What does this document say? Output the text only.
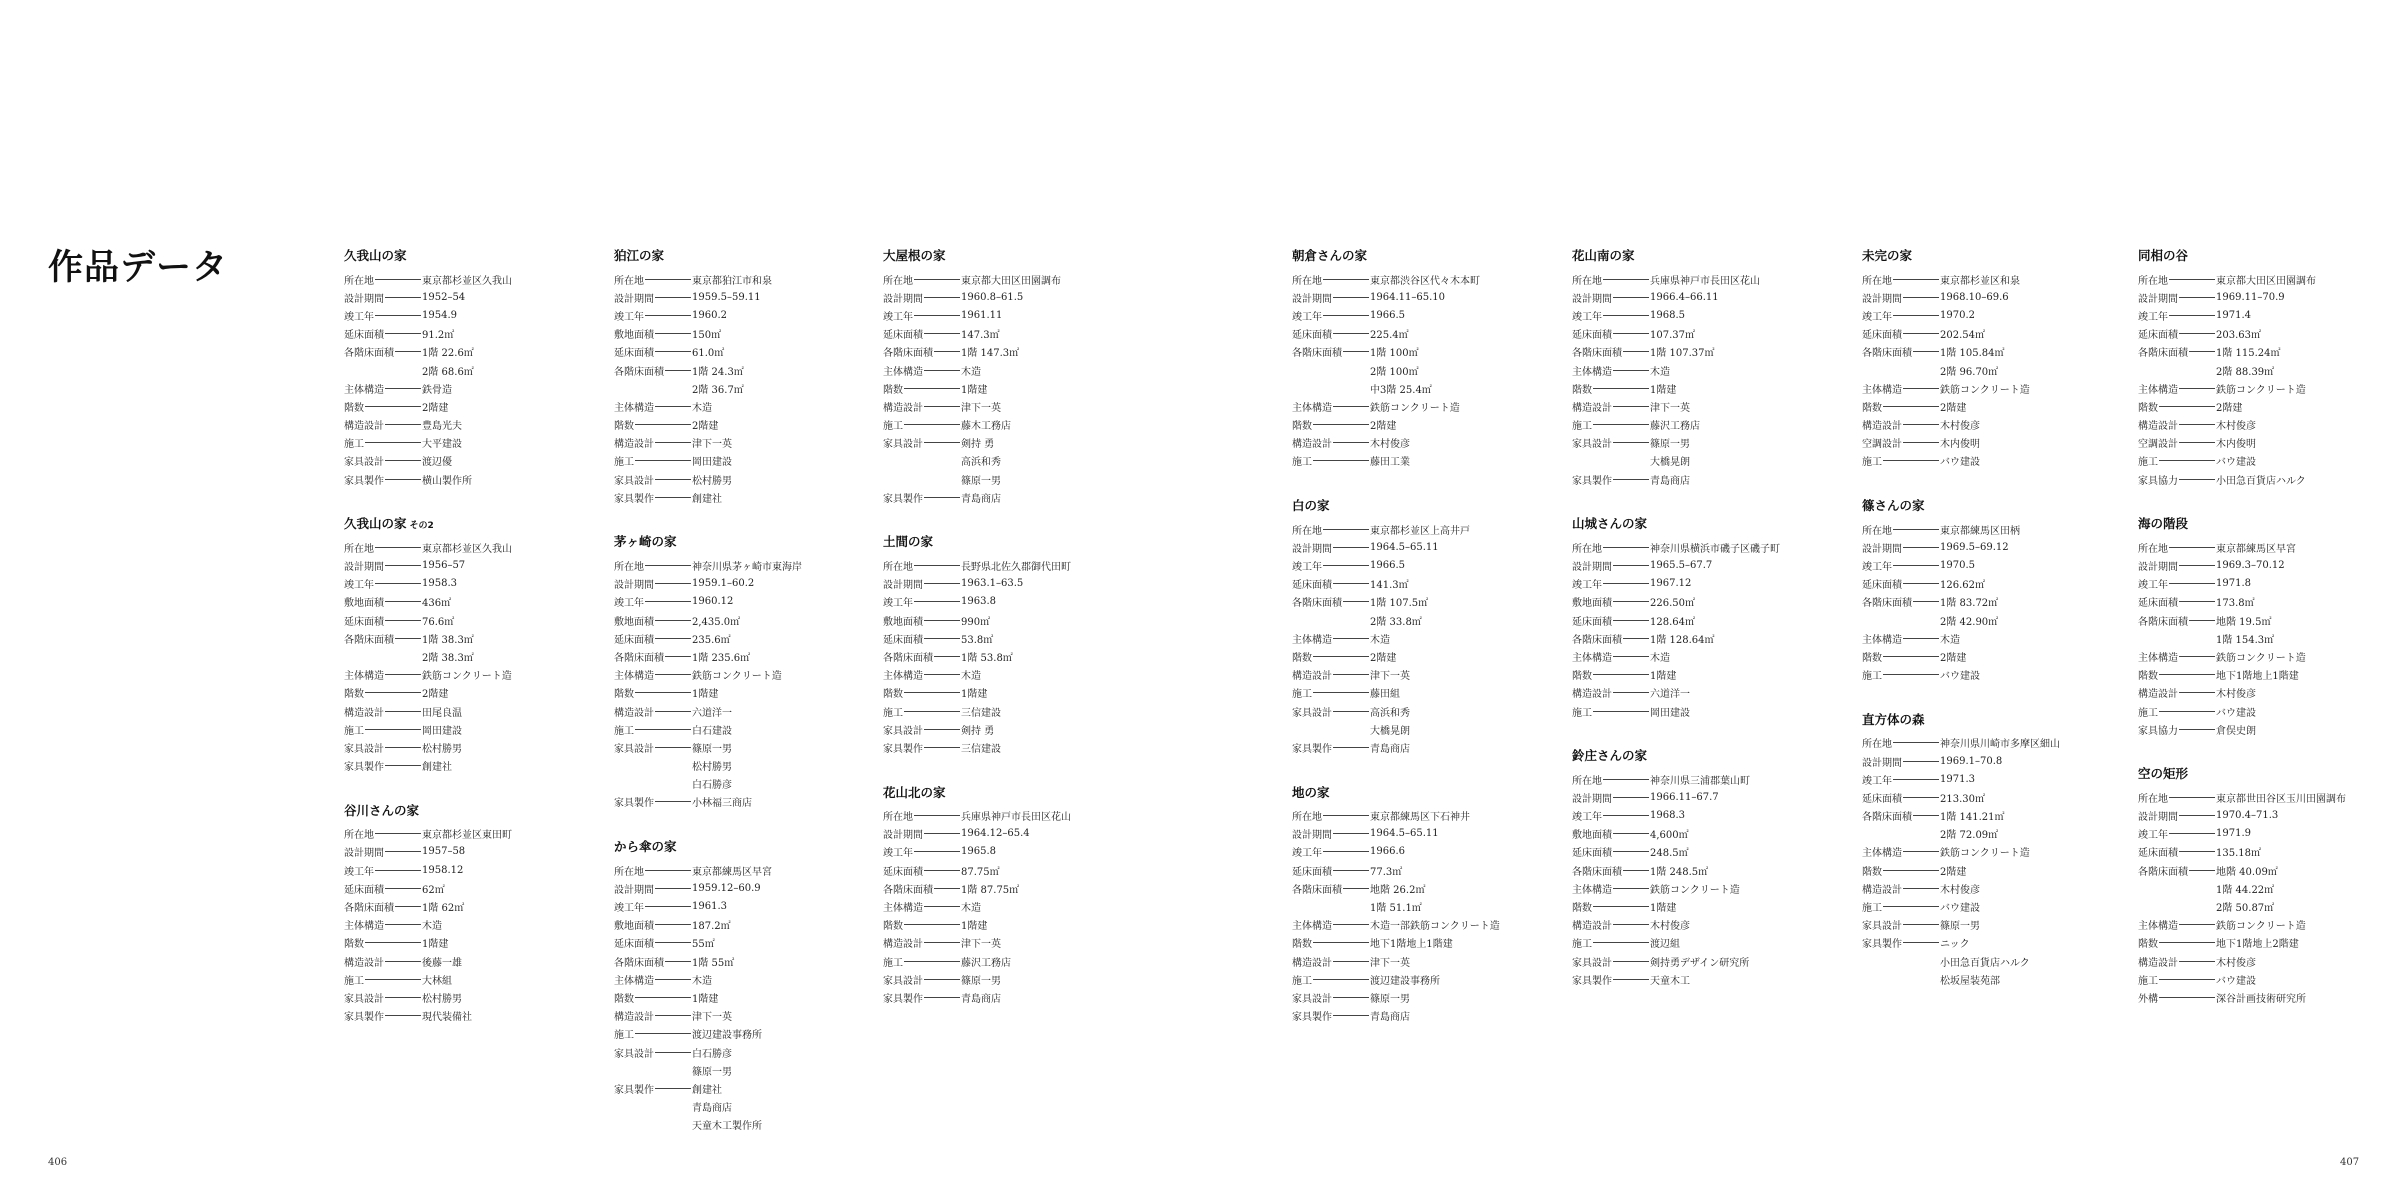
作品データ	久我山の家
所在地	東京都杉並区久我山
設計期間	1952–54
竣工年	1954.9
延床面積	91.2㎡
各階床面積	1階 22.6㎡
2階 68.6㎡
主体構造	鉄骨造
階数	2階建
構造設計	豊島光夫
施工	大平建設
家具設計	渡辺優
家具製作	横山製作所
久我山の家 その2
所在地	東京都杉並区久我山
設計期間	1956–57
竣工年	1958.3
敷地面積	436㎡
延床面積	76.6㎡
各階床面積	1階 38.3㎡
2階 38.3㎡
主体構造	鉄筋コンクリート造
階数	2階建
構造設計	田尾良温
施工	岡田建設
家具設計	松村勝男
家具製作	創建社
谷川さんの家
所在地	東京都杉並区東田町
設計期間	1957–58
竣工年	1958.12
延床面積	62㎡
各階床面積	1階 62㎡
主体構造	木造
階数	1階建
構造設計	後藤一雄
施工	大林組
家具設計	松村勝男
家具製作	現代装備社
狛江の家
所在地	東京都狛江市和泉
設計期間	1959.5–59.11
竣工年	1960.2
敷地面積	150㎡
延床面積	61.0㎡
各階床面積	1階 24.3㎡
2階 36.7㎡
主体構造	木造
階数	2階建
構造設計	津下一英
施工	岡田建設
家具設計	松村勝男
家具製作	創建社
茅ヶ崎の家
所在地	神奈川県茅ヶ崎市東海岸
設計期間	1959.1–60.2
竣工年	1960.12
敷地面積	2,435.0㎡
延床面積	235.6㎡
各階床面積	1階 235.6㎡
主体構造	鉄筋コンクリート造
階数	1階建
構造設計	六道洋一
施工	白石建設
家具設計	篠原一男
松村勝男
白石勝彦
家具製作	小林福三商店
から傘の家
所在地	東京都練馬区早宮
設計期間	1959.12–60.9
竣工年	1961.3
敷地面積	187.2㎡
延床面積	55㎡
各階床面積	1階 55㎡
主体構造	木造
階数	1階建
構造設計	津下一英
施工	渡辺建設事務所
家具設計	白石勝彦
篠原一男
家具製作	創建社
青島商店
天童木工製作所
大屋根の家
所在地	東京都大田区田園調布
設計期間	1960.8–61.5
竣工年	1961.11
延床面積	147.3㎡
各階床面積	1階 147.3㎡
主体構造	木造
階数	1階建
構造設計	津下一英
施工	藤木工務店
家具設計	剣持 勇
高浜和秀
篠原一男
家具製作	青島商店
土間の家
所在地	長野県北佐久郡御代田町
設計期間	1963.1–63.5
竣工年	1963.8
敷地面積	990㎡
延床面積	53.8㎡
各階床面積	1階 53.8㎡
主体構造	木造
階数	1階建
施工	三信建設
家具設計	剣持 勇
家具製作	三信建設
花山北の家
所在地	兵庫県神戸市長田区花山
設計期間	1964.12–65.4
竣工年	1965.8
延床面積	87.75㎡
各階床面積	1階 87.75㎡
主体構造	木造
階数	1階建
構造設計	津下一英
施工	藤沢工務店
家具設計	篠原一男
家具製作	青島商店
朝倉さんの家
所在地	東京都渋谷区代々木本町
設計期間	1964.11–65.10
竣工年	1966.5
延床面積	225.4㎡
各階床面積	1階 100㎡
2階 100㎡
中3階 25.4㎡
主体構造	鉄筋コンクリート造
階数	2階建
構造設計	木村俊彦
施工	藤田工業
白の家
所在地	東京都杉並区上高井戸
設計期間	1964.5–65.11
竣工年	1966.5
延床面積	141.3㎡
各階床面積	1階 107.5㎡
2階 33.8㎡
主体構造	木造
階数	2階建
構造設計	津下一英
施工	藤田組
家具設計	高浜和秀
大橋晃朗
家具製作	青島商店
地の家
所在地	東京都練馬区下石神井
設計期間	1964.5–65.11
竣工年	1966.6
延床面積	77.3㎡
各階床面積	地階 26.2㎡
1階 51.1㎡
主体構造	木造一部鉄筋コンクリート造
階数	地下1階地上1階建
構造設計	津下一英
施工	渡辺建設事務所
家具設計	篠原一男
家具製作	青島商店
花山南の家
所在地	兵庫県神戸市長田区花山
設計期間	1966.4–66.11
竣工年	1968.5
延床面積	107.37㎡
各階床面積	1階 107.37㎡
主体構造	木造
階数	1階建
構造設計	津下一英
施工	藤沢工務店
家具設計	篠原一男
大橋晃朗
家具製作	青島商店
山城さんの家
所在地	神奈川県横浜市磯子区磯子町
設計期間	1965.5–67.7
竣工年	1967.12
敷地面積	226.50㎡
延床面積	128.64㎡
各階床面積	1階 128.64㎡
主体構造	木造
階数	1階建
構造設計	六道洋一
施工	岡田建設
鈴庄さんの家
所在地	神奈川県三浦郡葉山町
設計期間	1966.11–67.7
竣工年	1968.3
敷地面積	4,600㎡
延床面積	248.5㎡
各階床面積	1階 248.5㎡
主体構造	鉄筋コンクリート造
階数	1階建
構造設計	木村俊彦
施工	渡辺組
家具設計	剣持勇デザイン研究所
家具製作	天童木工
未完の家
所在地	東京都杉並区和泉
設計期間	1968.10–69.6
竣工年	1970.2
延床面積	202.54㎡
各階床面積	1階 105.84㎡
2階 96.70㎡
主体構造	鉄筋コンクリート造
階数	2階建
構造設計	木村俊彦
空調設計	木内俊明
施工	バウ建設
篠さんの家
所在地	東京都練馬区田柄
設計期間	1969.5–69.12
竣工年	1970.5
延床面積	126.62㎡
各階床面積	1階 83.72㎡
2階 42.90㎡
主体構造	木造
階数	2階建
施工	バウ建設
直方体の森
所在地	神奈川県川崎市多摩区細山
設計期間	1969.1–70.8
竣工年	1971.3
延床面積	213.30㎡
各階床面積	1階 141.21㎡
2階 72.09㎡
主体構造	鉄筋コンクリート造
階数	2階建
構造設計	木村俊彦
施工	バウ建設
家具設計	篠原一男
家具製作	ニック
小田急百貨店ハルク
松坂屋装苑部
同相の谷
所在地	東京都大田区田園調布
設計期間	1969.11–70.9
竣工年	1971.4
延床面積	203.63㎡
各階床面積	1階 115.24㎡
2階 88.39㎡
主体構造	鉄筋コンクリート造
階数	2階建
構造設計	木村俊彦
空調設計	木内俊明
施工	バウ建設
家具協力	小田急百貨店ハルク
海の階段
所在地	東京都練馬区早宮
設計期間	1969.3–70.12
竣工年	1971.8
延床面積	173.8㎡
各階床面積	地階 19.5㎡
1階 154.3㎡
主体構造	鉄筋コンクリート造
階数	地下1階地上1階建
構造設計	木村俊彦
施工	バウ建設
家具協力	倉俣史朗
空の矩形
所在地	東京都世田谷区玉川田園調布
設計期間	1970.4–71.3
竣工年	1971.9
延床面積	135.18㎡
各階床面積	地階 40.09㎡
1階 44.22㎡
2階 50.87㎡
主体構造	鉄筋コンクリート造
階数	地下1階地上2階建
構造設計	木村俊彦
施工	バウ建設
外構	深谷計画技術研究所
406	407
